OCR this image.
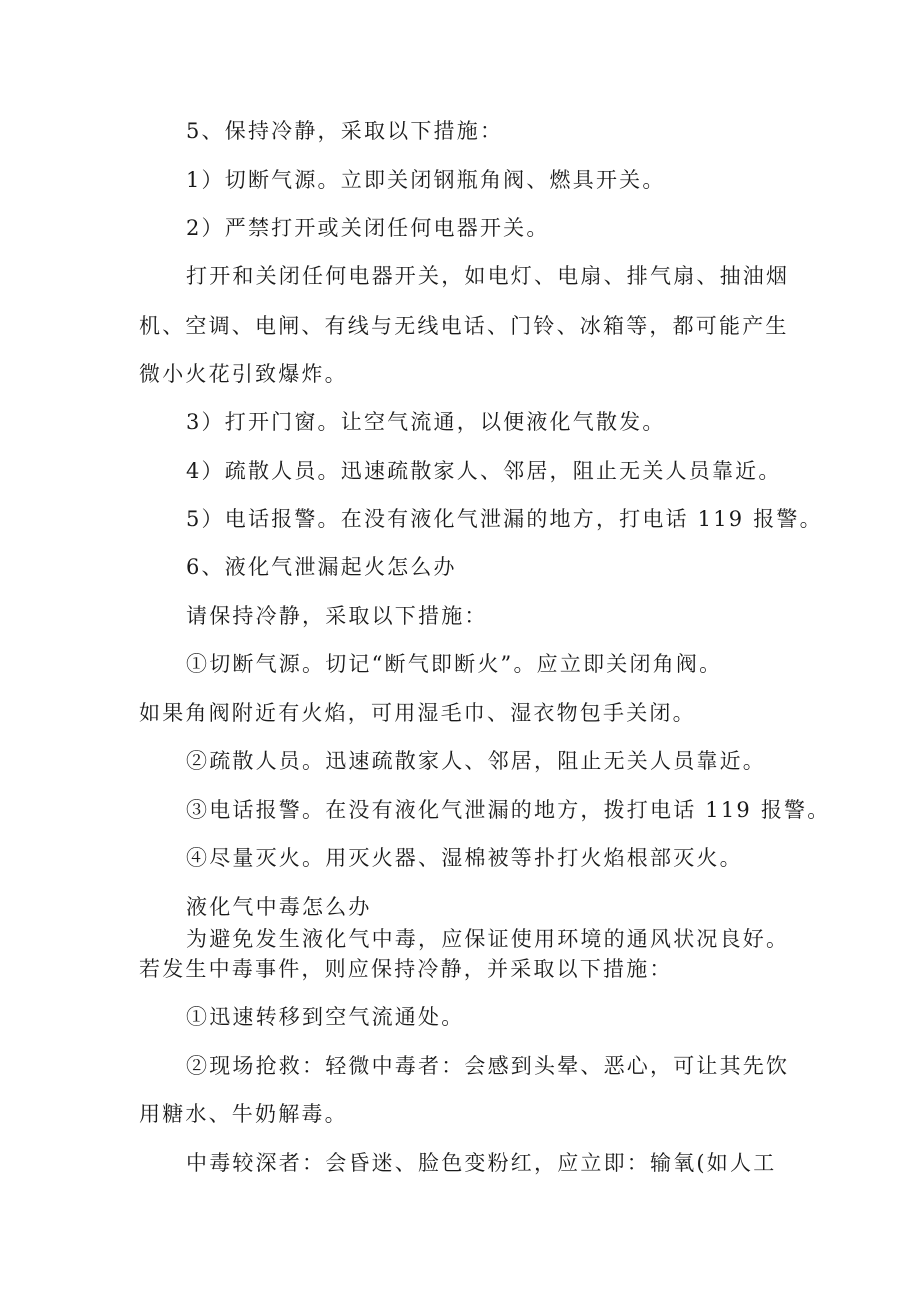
5、保持冷静，采取以下措施：
1）切断气源。立即关闭钢瓶角阀、燃具开关。
2）严禁打开或关闭任何电器开关。
打开和关闭任何电器开关，如电灯、电扇、排气扇、抽油烟
机、空调、电闸、有线与无线电话、门铃、冰箱等，都可能产生
微小火花引致爆炸。
3）打开门窗。让空气流通，以便液化气散发。
4）疏散人员。迅速疏散家人、邻居，阻止无关人员靠近。
5）电话报警。在没有液化气泄漏的地方，打电话 119 报警。
6、液化气泄漏起火怎么办
请保持冷静，采取以下措施：
①切断气源。切记“断气即断火”。应立即关闭角阀。
如果角阀附近有火焰，可用湿毛巾、湿衣物包手关闭。
②疏散人员。迅速疏散家人、邻居，阻止无关人员靠近。
③电话报警。在没有液化气泄漏的地方，拨打电话 119 报警。
④尽量灭火。用灭火器、湿棉被等扑打火焰根部灭火。
液化气中毒怎么办
为避免发生液化气中毒，应保证使用环境的通风状况良好。
若发生中毒事件，则应保持冷静，并采取以下措施：
①迅速转移到空气流通处。
②现场抢救：轻微中毒者：会感到头晕、恶心，可让其先饮
用糖水、牛奶解毒。
中毒较深者：会昏迷、脸色变粉红，应立即：输氧(如人工
